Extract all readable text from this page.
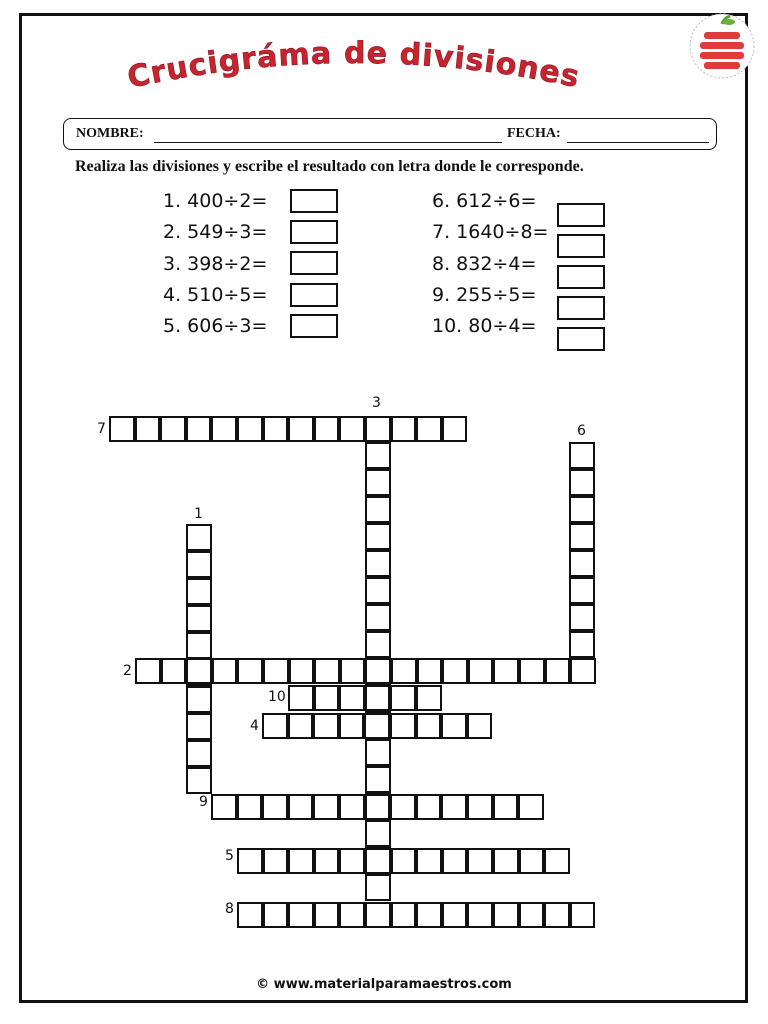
Crucigráma de divisiones
NOMBRE:	FECHA:
Realiza las divisiones y escribe el resultado con letra donde le corresponde.
1. 400÷2=
2. 549÷3=
3. 398÷2=
4. 510÷5=
5. 606÷3=
6. 612÷6=
7. 1640÷8=
8. 832÷4=
9. 255÷5=
10. 80÷4=
1
2
3
4
5
6
7
8
9
10
© www.materialparamaestros.com
